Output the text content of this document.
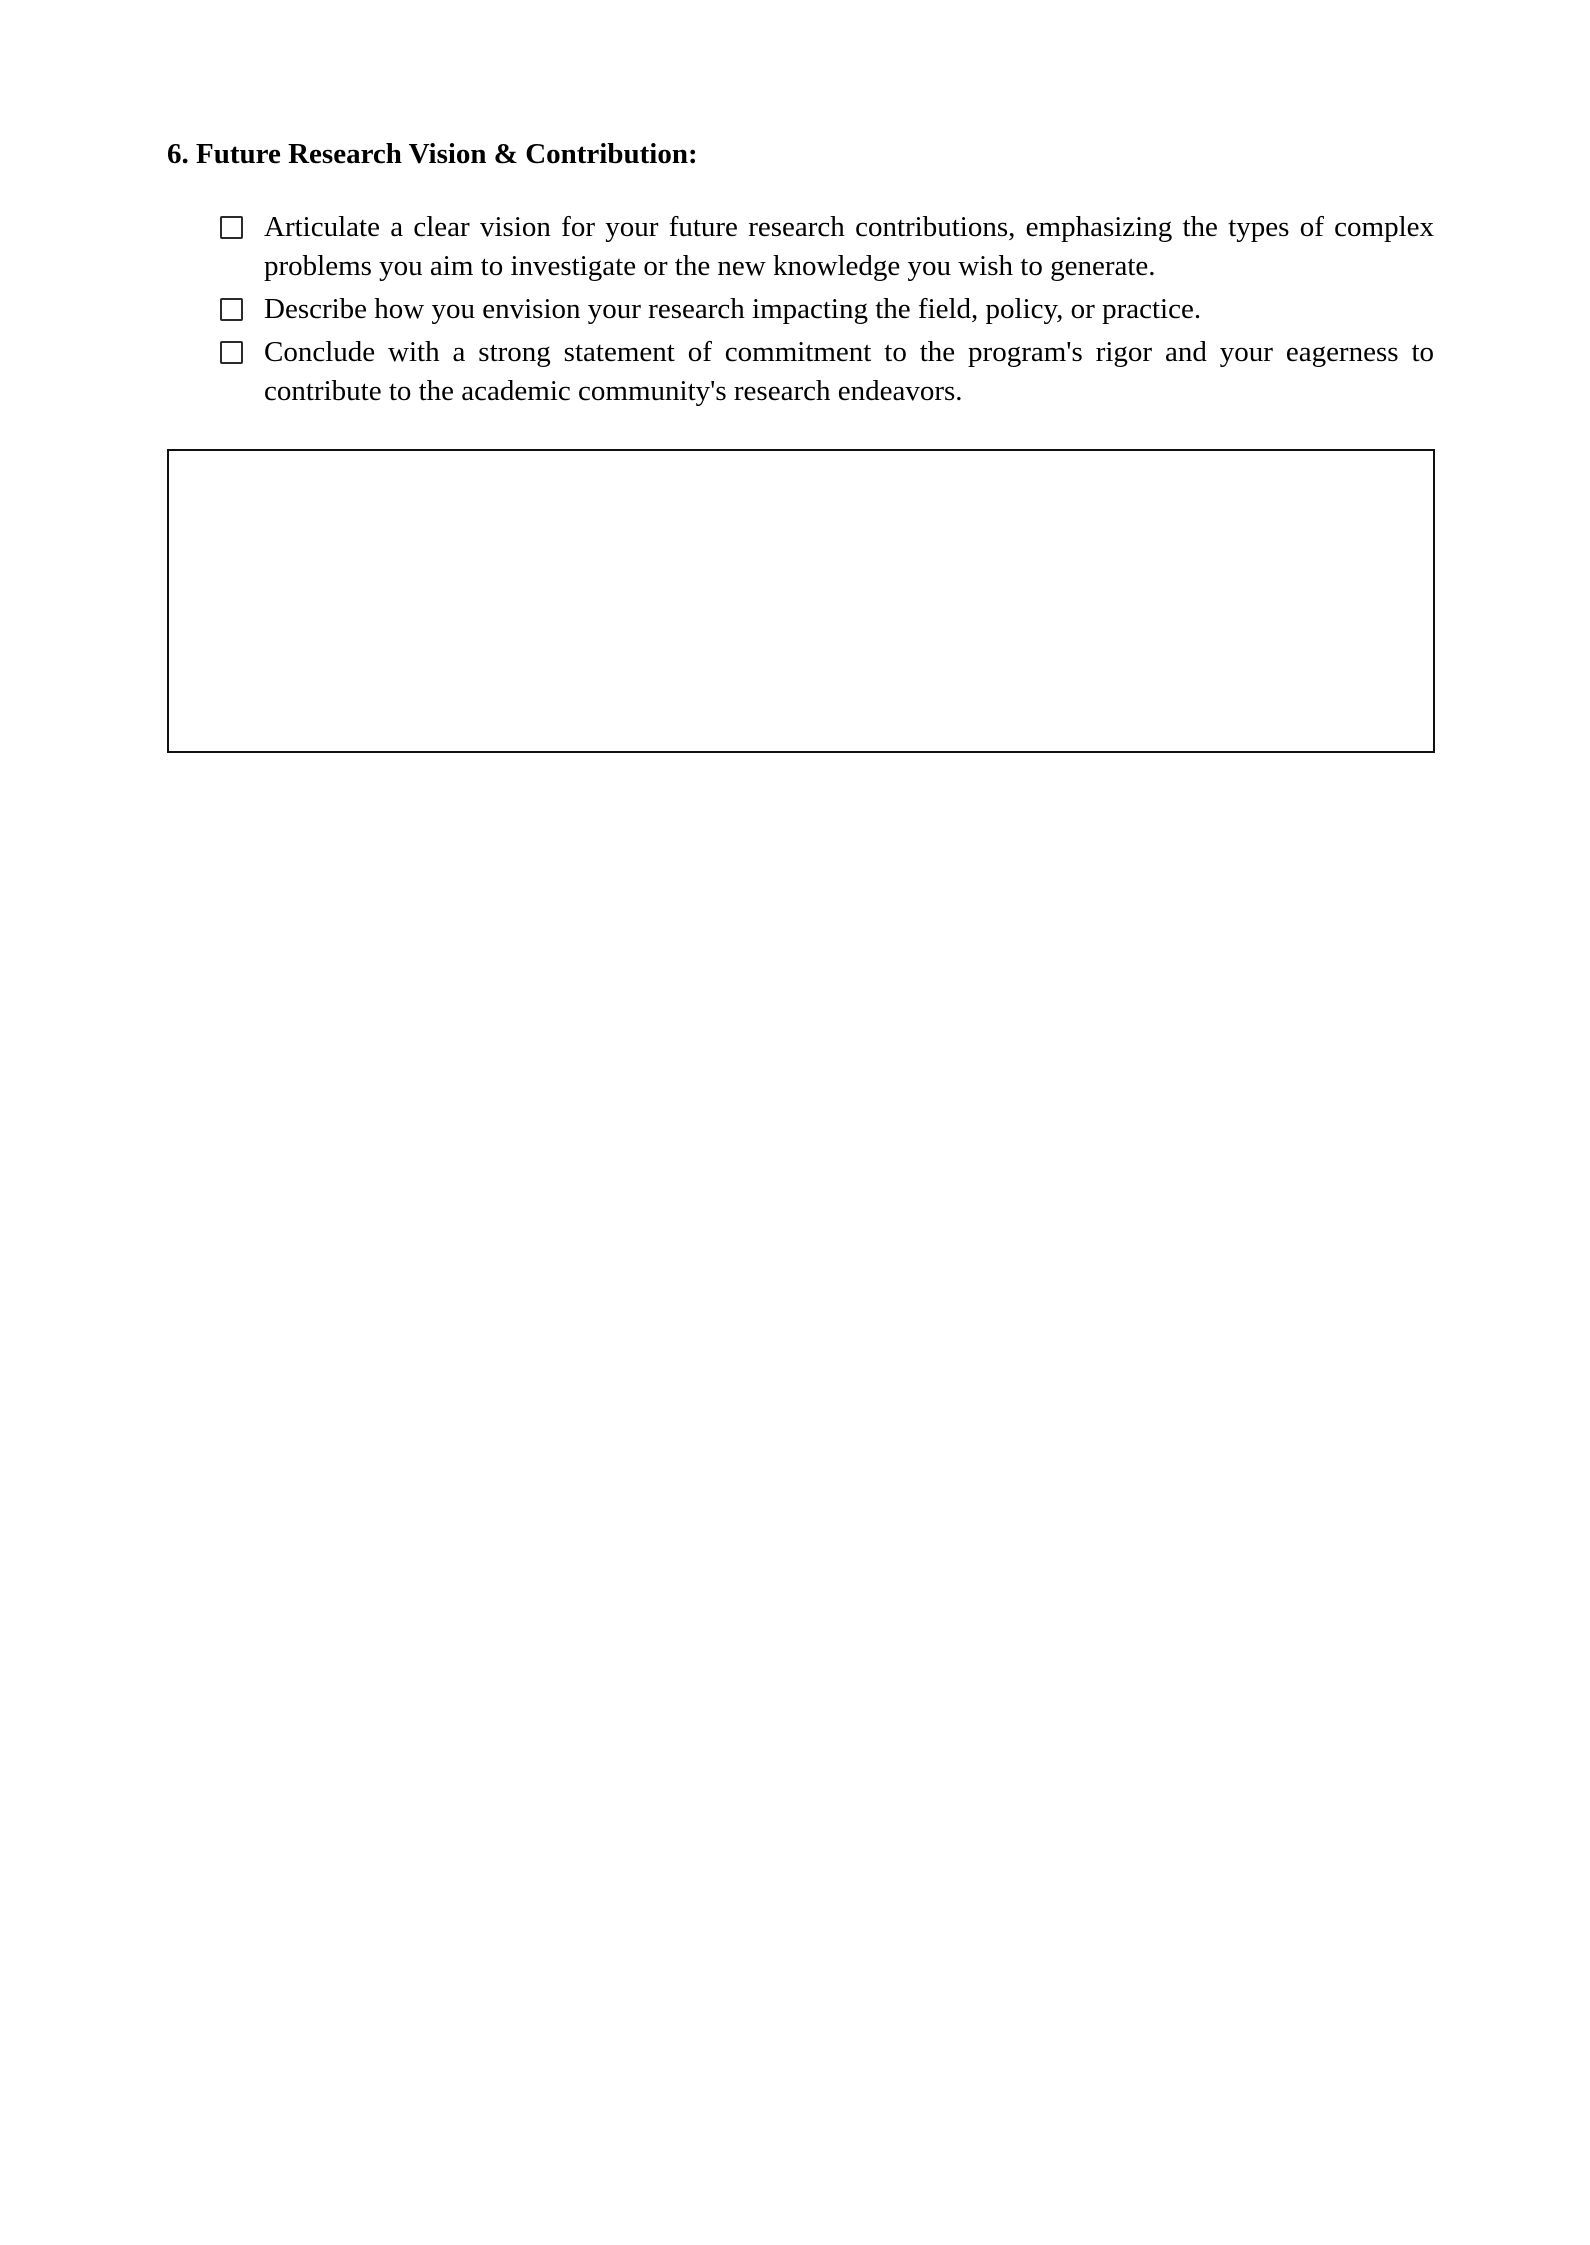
6. Future Research Vision & Contribution:
Articulate a clear vision for your future research contributions, emphasizing the types of complex problems you aim to investigate or the new knowledge you wish to generate.
Describe how you envision your research impacting the field, policy, or practice.
Conclude with a strong statement of commitment to the program's rigor and your eagerness to contribute to the academic community's research endeavors.
